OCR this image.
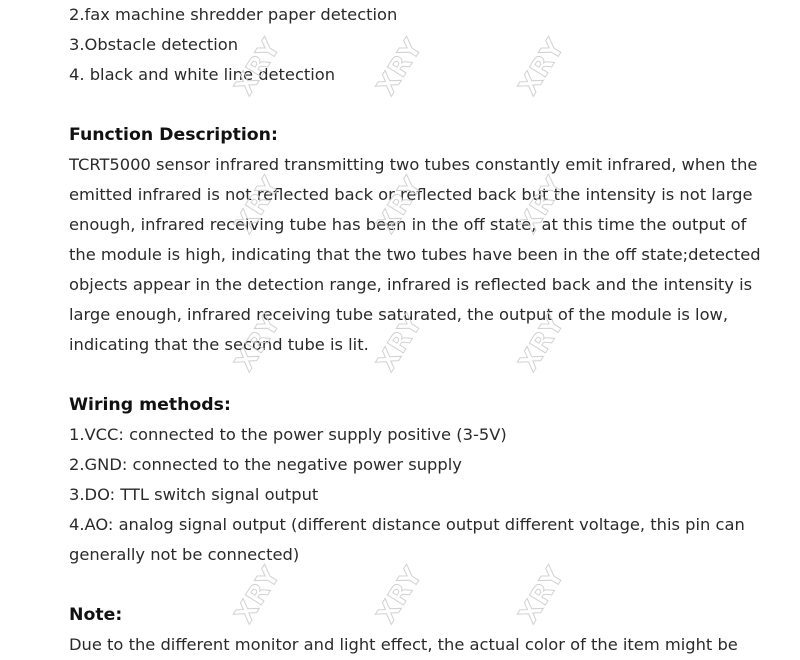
2.fax machine shredder paper detection

3.Obstacle detection

4. black and white line detection

Function Description:

TCRT5000 sensor infrared transmitting two tubes constantly emit infrared, when the

emitted infrared is not reflected back or reflected back but the intensity is not large

enough, infrared receiving tube has been in the off state, at this time the output of

the module is high, indicating that the two tubes have been in the off state;detected

objects appear in the detection range, infrared is reflected back and the intensity is

large enough, infrared receiving tube saturated, the output of the module is low,

indicating that the second tube is lit.

Wiring methods:

1.VCC: connected to the power supply positive (3-5V)

2.GND: connected to the negative power supply

3.DO: TTL switch signal output

4.AO: analog signal output (different distance output different voltage, this pin can

generally not be connected)

Note:

Due to the different monitor and light effect, the actual color of the item might be

XRY	XRY	XRY
XRY	XRY	XRY
XRY	XRY	XRY
XRY	XRY	XRY
